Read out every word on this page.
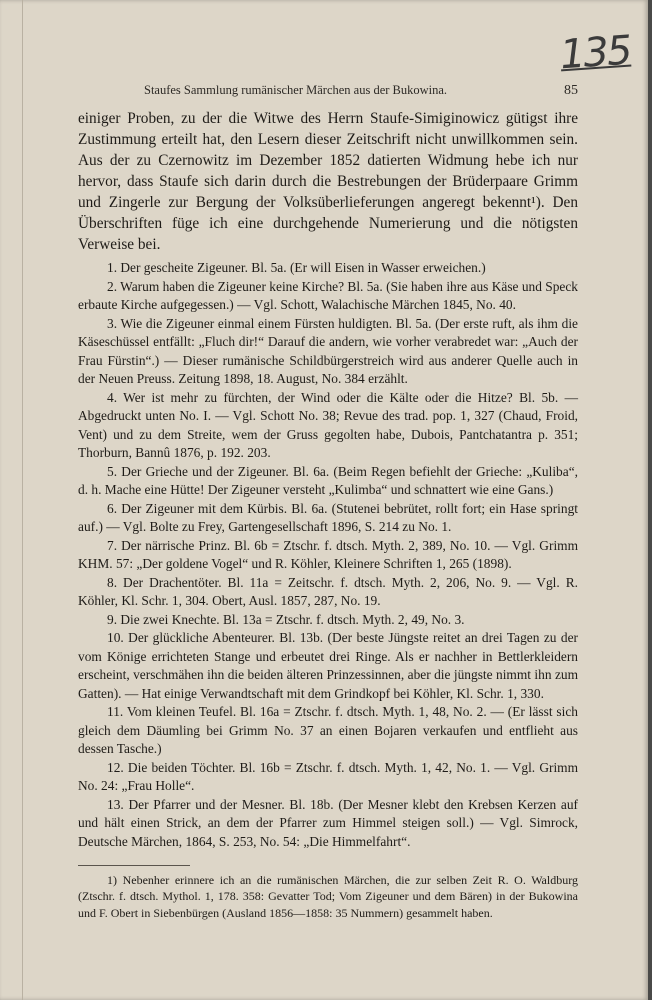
135
Staufes Sammlung rumänischer Märchen aus der Bukowina.	85

einiger Proben, zu der die Witwe des Herrn Staufe-Simiginowicz gütigst ihre Zustimmung erteilt hat, den Lesern dieser Zeitschrift nicht unwillkommen sein. Aus der zu Czernowitz im Dezember 1852 datierten Widmung hebe ich nur hervor, dass Staufe sich darin durch die Bestrebungen der Brüderpaare Grimm und Zingerle zur Bergung der Volksüberlieferungen angeregt bekennt¹). Den Überschriften füge ich eine durchgehende Numerierung und die nötigsten Verweise bei.

1. Der gescheite Zigeuner. Bl. 5a. (Er will Eisen in Wasser erweichen.)

2. Warum haben die Zigeuner keine Kirche? Bl. 5a. (Sie haben ihre aus Käse und Speck erbaute Kirche aufgegessen.) — Vgl. Schott, Walachische Märchen 1845, No. 40.

3. Wie die Zigeuner einmal einem Fürsten huldigten. Bl. 5a. (Der erste ruft, als ihm die Käseschüssel entfällt: „Fluch dir!“ Darauf die andern, wie vorher verabredet war: „Auch der Frau Fürstin“.) — Dieser rumänische Schildbürgerstreich wird aus anderer Quelle auch in der Neuen Preuss. Zeitung 1898, 18. August, No. 384 erzählt.

4. Wer ist mehr zu fürchten, der Wind oder die Kälte oder die Hitze? Bl. 5b. — Abgedruckt unten No. I. — Vgl. Schott No. 38; Revue des trad. pop. 1, 327 (Chaud, Froid, Vent) und zu dem Streite, wem der Gruss gegolten habe, Dubois, Pantchatantra p. 351; Thorburn, Bannû 1876, p. 192. 203.

5. Der Grieche und der Zigeuner. Bl. 6a. (Beim Regen befiehlt der Grieche: „Kuliba“, d. h. Mache eine Hütte! Der Zigeuner versteht „Kulimba“ und schnattert wie eine Gans.)

6. Der Zigeuner mit dem Kürbis. Bl. 6a. (Stutenei bebrütet, rollt fort; ein Hase springt auf.) — Vgl. Bolte zu Frey, Gartengesellschaft 1896, S. 214 zu No. 1.

7. Der närrische Prinz. Bl. 6b = Ztschr. f. dtsch. Myth. 2, 389, No. 10. — Vgl. Grimm KHM. 57: „Der goldene Vogel“ und R. Köhler, Kleinere Schriften 1, 265 (1898).

8. Der Drachentöter. Bl. 11a = Zeitschr. f. dtsch. Myth. 2, 206, No. 9. — Vgl. R. Köhler, Kl. Schr. 1, 304. Obert, Ausl. 1857, 287, No. 19.

9. Die zwei Knechte. Bl. 13a = Ztschr. f. dtsch. Myth. 2, 49, No. 3.

10. Der glückliche Abenteurer. Bl. 13b. (Der beste Jüngste reitet an drei Tagen zu der vom Könige errichteten Stange und erbeutet drei Ringe. Als er nachher in Bettlerkleidern erscheint, verschmähen ihn die beiden älteren Prinzessinnen, aber die jüngste nimmt ihn zum Gatten). — Hat einige Verwandtschaft mit dem Grindkopf bei Köhler, Kl. Schr. 1, 330.

11. Vom kleinen Teufel. Bl. 16a = Ztschr. f. dtsch. Myth. 1, 48, No. 2. — (Er lässt sich gleich dem Däumling bei Grimm No. 37 an einen Bojaren verkaufen und entflieht aus dessen Tasche.)

12. Die beiden Töchter. Bl. 16b = Ztschr. f. dtsch. Myth. 1, 42, No. 1. — Vgl. Grimm No. 24: „Frau Holle“.

13. Der Pfarrer und der Mesner. Bl. 18b. (Der Mesner klebt den Krebsen Kerzen auf und hält einen Strick, an dem der Pfarrer zum Himmel steigen soll.) — Vgl. Simrock, Deutsche Märchen, 1864, S. 253, No. 54: „Die Himmelfahrt“.

1) Nebenher erinnere ich an die rumänischen Märchen, die zur selben Zeit R. O. Waldburg (Ztschr. f. dtsch. Mythol. 1, 178. 358: Gevatter Tod; Vom Zigeuner und dem Bären) in der Bukowina und F. Obert in Siebenbürgen (Ausland 1856—1858: 35 Nummern) gesammelt haben.
